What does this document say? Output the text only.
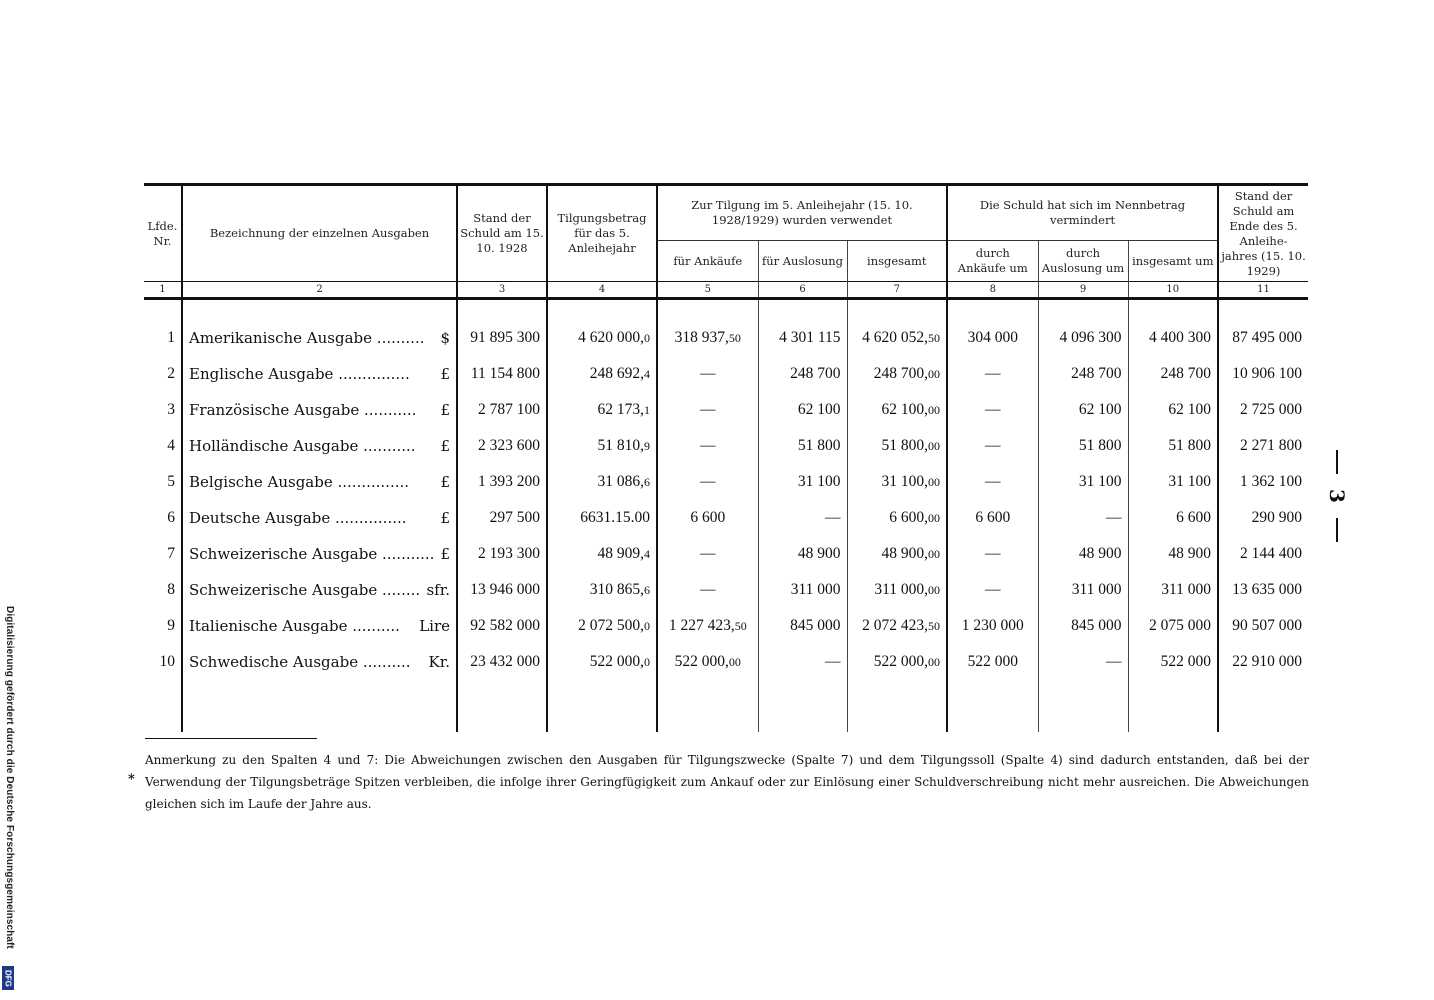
Digitalisierung gefördert durch die Deutsche Forschungsgemeinschaft
DFG
3
Lfde. Nr.	Bezeichnung der einzelnen Ausgaben	Stand der Schuld am 15. 10. 1928	Tilgungsbetrag für das 5. Anleihejahr	Zur Tilgung im 5. Anleihejahr (15. 10. 1928/1929) wurden verwendet			Die Schuld hat sich im Nennbetrag vermindert			Stand der Schuld am Ende des 5. Anleihe- jahres (15. 10. 1929)
				für Ankäufe	für Auslosung	insgesamt	durch Ankäufe um	durch Auslosung um	insgesamt um	
1	2	3	4	5	6	7	8	9	10	11

1	Amerikanische Ausgabe .......... $	91 895 300	4 620 000,0	318 937,50	4 301 115	4 620 052,50	304 000	4 096 300	4 400 300	87 495 000
2	Englische Ausgabe ............... £	11 154 800	248 692,4	—	248 700	248 700,00	—	248 700	248 700	10 906 100
3	Französische Ausgabe ........... £	2 787 100	62 173,1	—	62 100	62 100,00	—	62 100	62 100	2 725 000
4	Holländische Ausgabe ........... £	2 323 600	51 810,9	—	51 800	51 800,00	—	51 800	51 800	2 271 800
5	Belgische Ausgabe ............... £	1 393 200	31 086,6	—	31 100	31 100,00	—	31 100	31 100	1 362 100
6	Deutsche Ausgabe ............... £	297 500	6631.15.00	6 600	—	6 600,00	6 600	—	6 600	290 900
7	Schweizerische Ausgabe ........... £	2 193 300	48 909,4	—	48 900	48 900,00	—	48 900	48 900	2 144 400
8	Schweizerische Ausgabe ........ sfr.	13 946 000	310 865,6	—	311 000	311 000,00	—	311 000	311 000	13 635 000
9	Italienische Ausgabe .......... Lire	92 582 000	2 072 500,0	1 227 423,50	845 000	2 072 423,50	1 230 000	845 000	2 075 000	90 507 000
10	Schwedische Ausgabe .......... Kr.	23 432 000	522 000,0	522 000,00	—	522 000,00	522 000	—	522 000	22 910 000

*
Anmerkung zu den Spalten 4 und 7: Die Abweichungen zwischen den Ausgaben für Tilgungszwecke (Spalte 7) und dem Tilgungssoll (Spalte 4) sind dadurch entstanden, daß bei der Verwendung der Tilgungsbeträge Spitzen verbleiben, die infolge ihrer Geringfügigkeit zum Ankauf oder zur Einlösung einer Schuldverschreibung nicht mehr ausreichen. Die Abweichungen gleichen sich im Laufe der Jahre aus.
